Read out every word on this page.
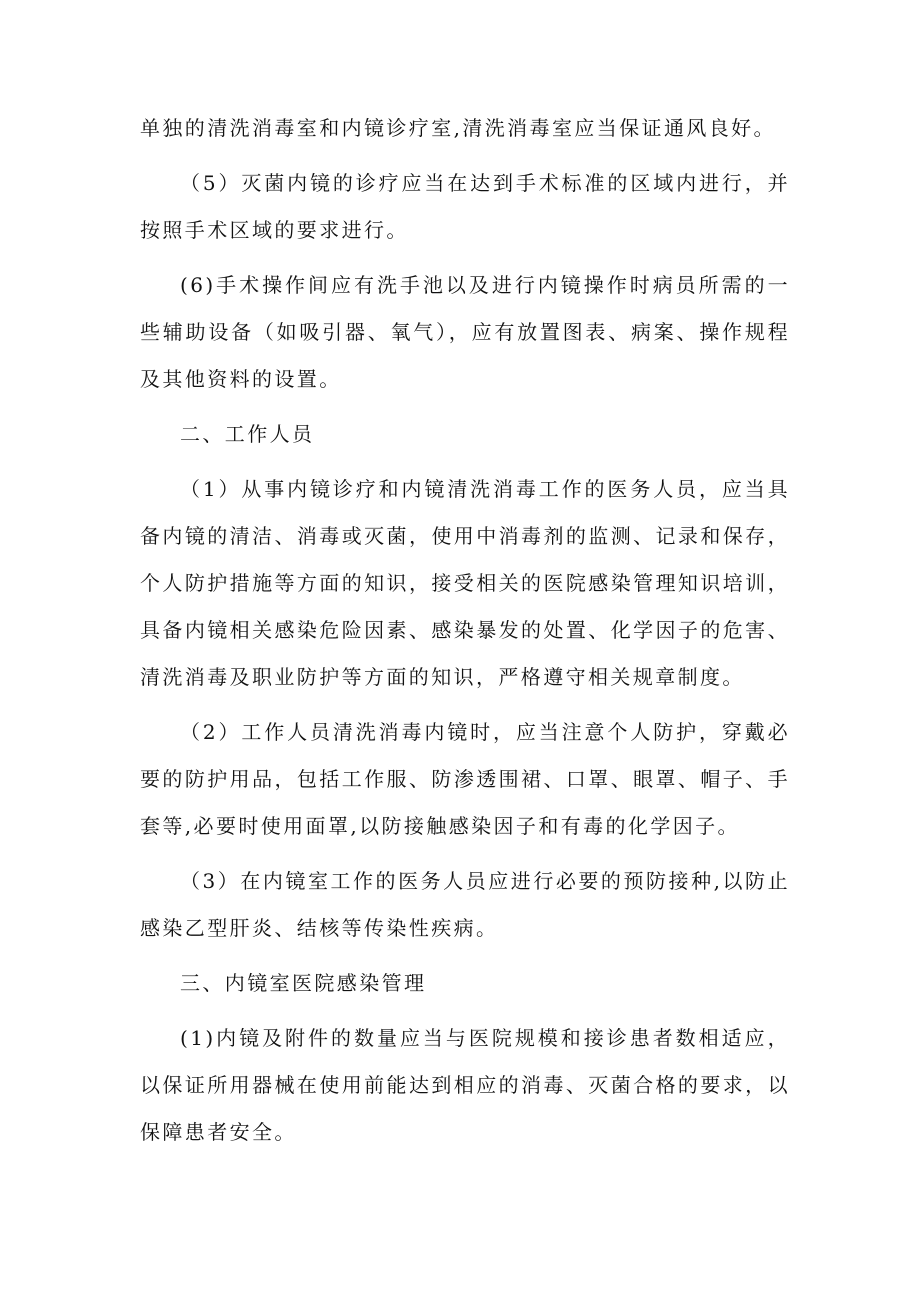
单独的清洗消毒室和内镜诊疗室,清洗消毒室应当保证通风良好。

（5）灭菌内镜的诊疗应当在达到手术标准的区域内进行，并按照手术区域的要求进行。

(6)手术操作间应有洗手池以及进行内镜操作时病员所需的一些辅助设备（如吸引器、氧气），应有放置图表、病案、操作规程及其他资料的设置。

二、工作人员

（1）从事内镜诊疗和内镜清洗消毒工作的医务人员，应当具备内镜的清洁、消毒或灭菌，使用中消毒剂的监测、记录和保存，个人防护措施等方面的知识，接受相关的医院感染管理知识培训，具备内镜相关感染危险因素、感染暴发的处置、化学因子的危害、清洗消毒及职业防护等方面的知识，严格遵守相关规章制度。

（2）工作人员清洗消毒内镜时，应当注意个人防护，穿戴必要的防护用品，包括工作服、防渗透围裙、口罩、眼罩、帽子、手套等,必要时使用面罩,以防接触感染因子和有毒的化学因子。

（3）在内镜室工作的医务人员应进行必要的预防接种,以防止感染乙型肝炎、结核等传染性疾病。

三、内镜室医院感染管理

(1)内镜及附件的数量应当与医院规模和接诊患者数相适应，以保证所用器械在使用前能达到相应的消毒、灭菌合格的要求，以保障患者安全。
